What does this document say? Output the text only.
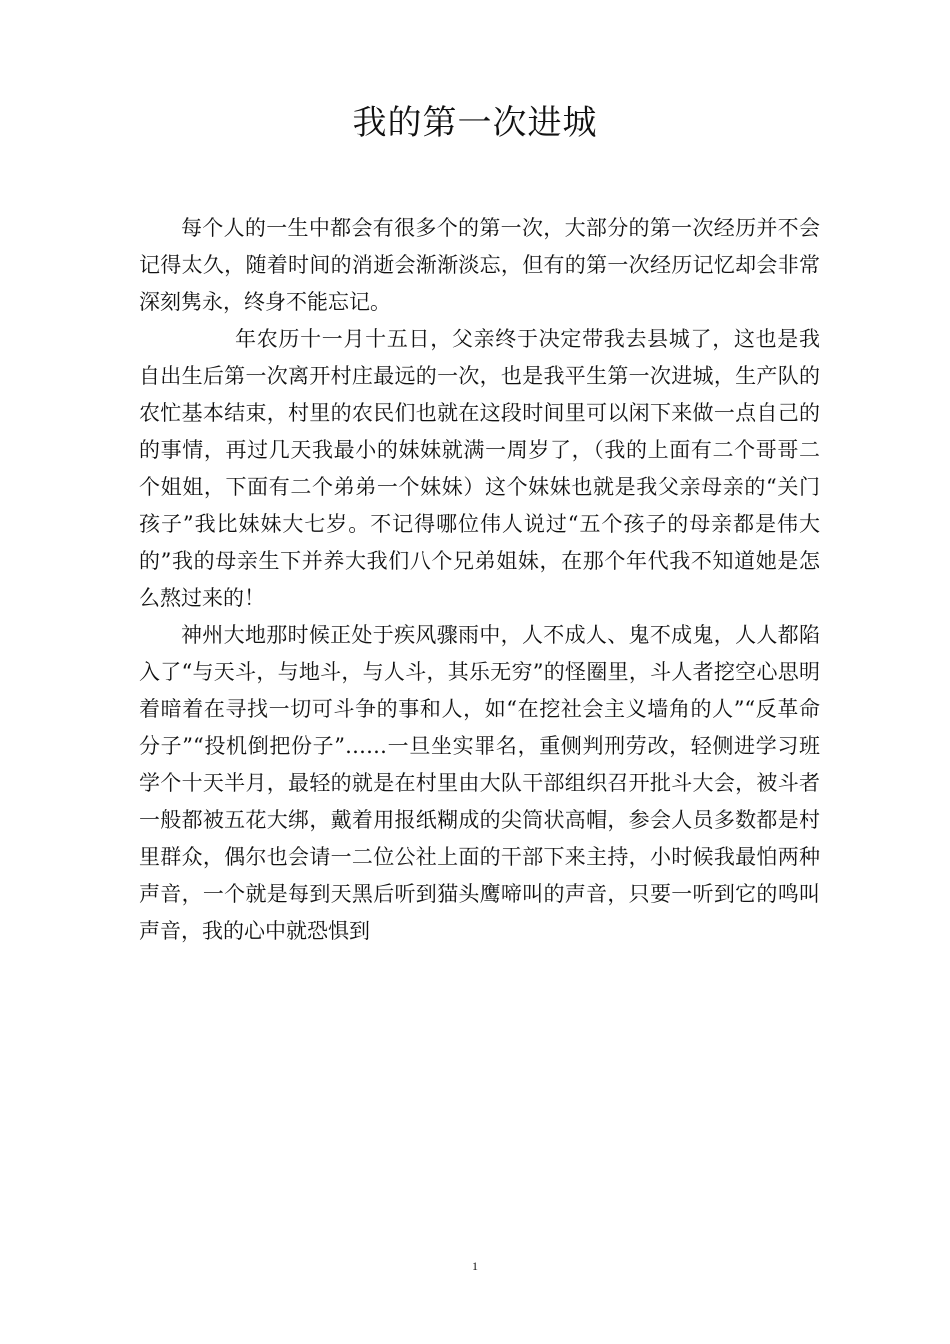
我的第一次进城

每个人的一生中都会有很多个的第一次，大部分的第一次经历并不会记得太久，随着时间的消逝会渐渐淡忘，但有的第一次经历记忆却会非常深刻隽永，终身不能忘记。

年农历十一月十五日，父亲终于决定带我去县城了，这也是我自出生后第一次离开村庄最远的一次，也是我平生第一次进城，生产队的农忙基本结束，村里的农民们也就在这段时间里可以闲下来做一点自己的的事情，再过几天我最小的妹妹就满一周岁了，（我的上面有二个哥哥二个姐姐，下面有二个弟弟一个妹妹）这个妹妹也就是我父亲母亲的“关门孩子”我比妹妹大七岁。不记得哪位伟人说过“五个孩子的母亲都是伟大的”我的母亲生下并养大我们八个兄弟姐妹，在那个年代我不知道她是怎么熬过来的！

神州大地那时候正处于疾风骤雨中，人不成人、鬼不成鬼，人人都陷入了“与天斗，与地斗，与人斗，其乐无穷”的怪圈里，斗人者挖空心思明着暗着在寻找一切可斗争的事和人，如“在挖社会主义墙角的人”“反革命分子”“投机倒把份子”……一旦坐实罪名，重侧判刑劳改，轻侧进学习班学个十天半月，最轻的就是在村里由大队干部组织召开批斗大会，被斗者一般都被五花大绑，戴着用报纸糊成的尖筒状高帽，参会人员多数都是村里群众，偶尔也会请一二位公社上面的干部下来主持，小时候我最怕两种声音，一个就是每到天黑后听到猫头鹰啼叫的声音，只要一听到它的鸣叫声音，我的心中就恐惧到

1
